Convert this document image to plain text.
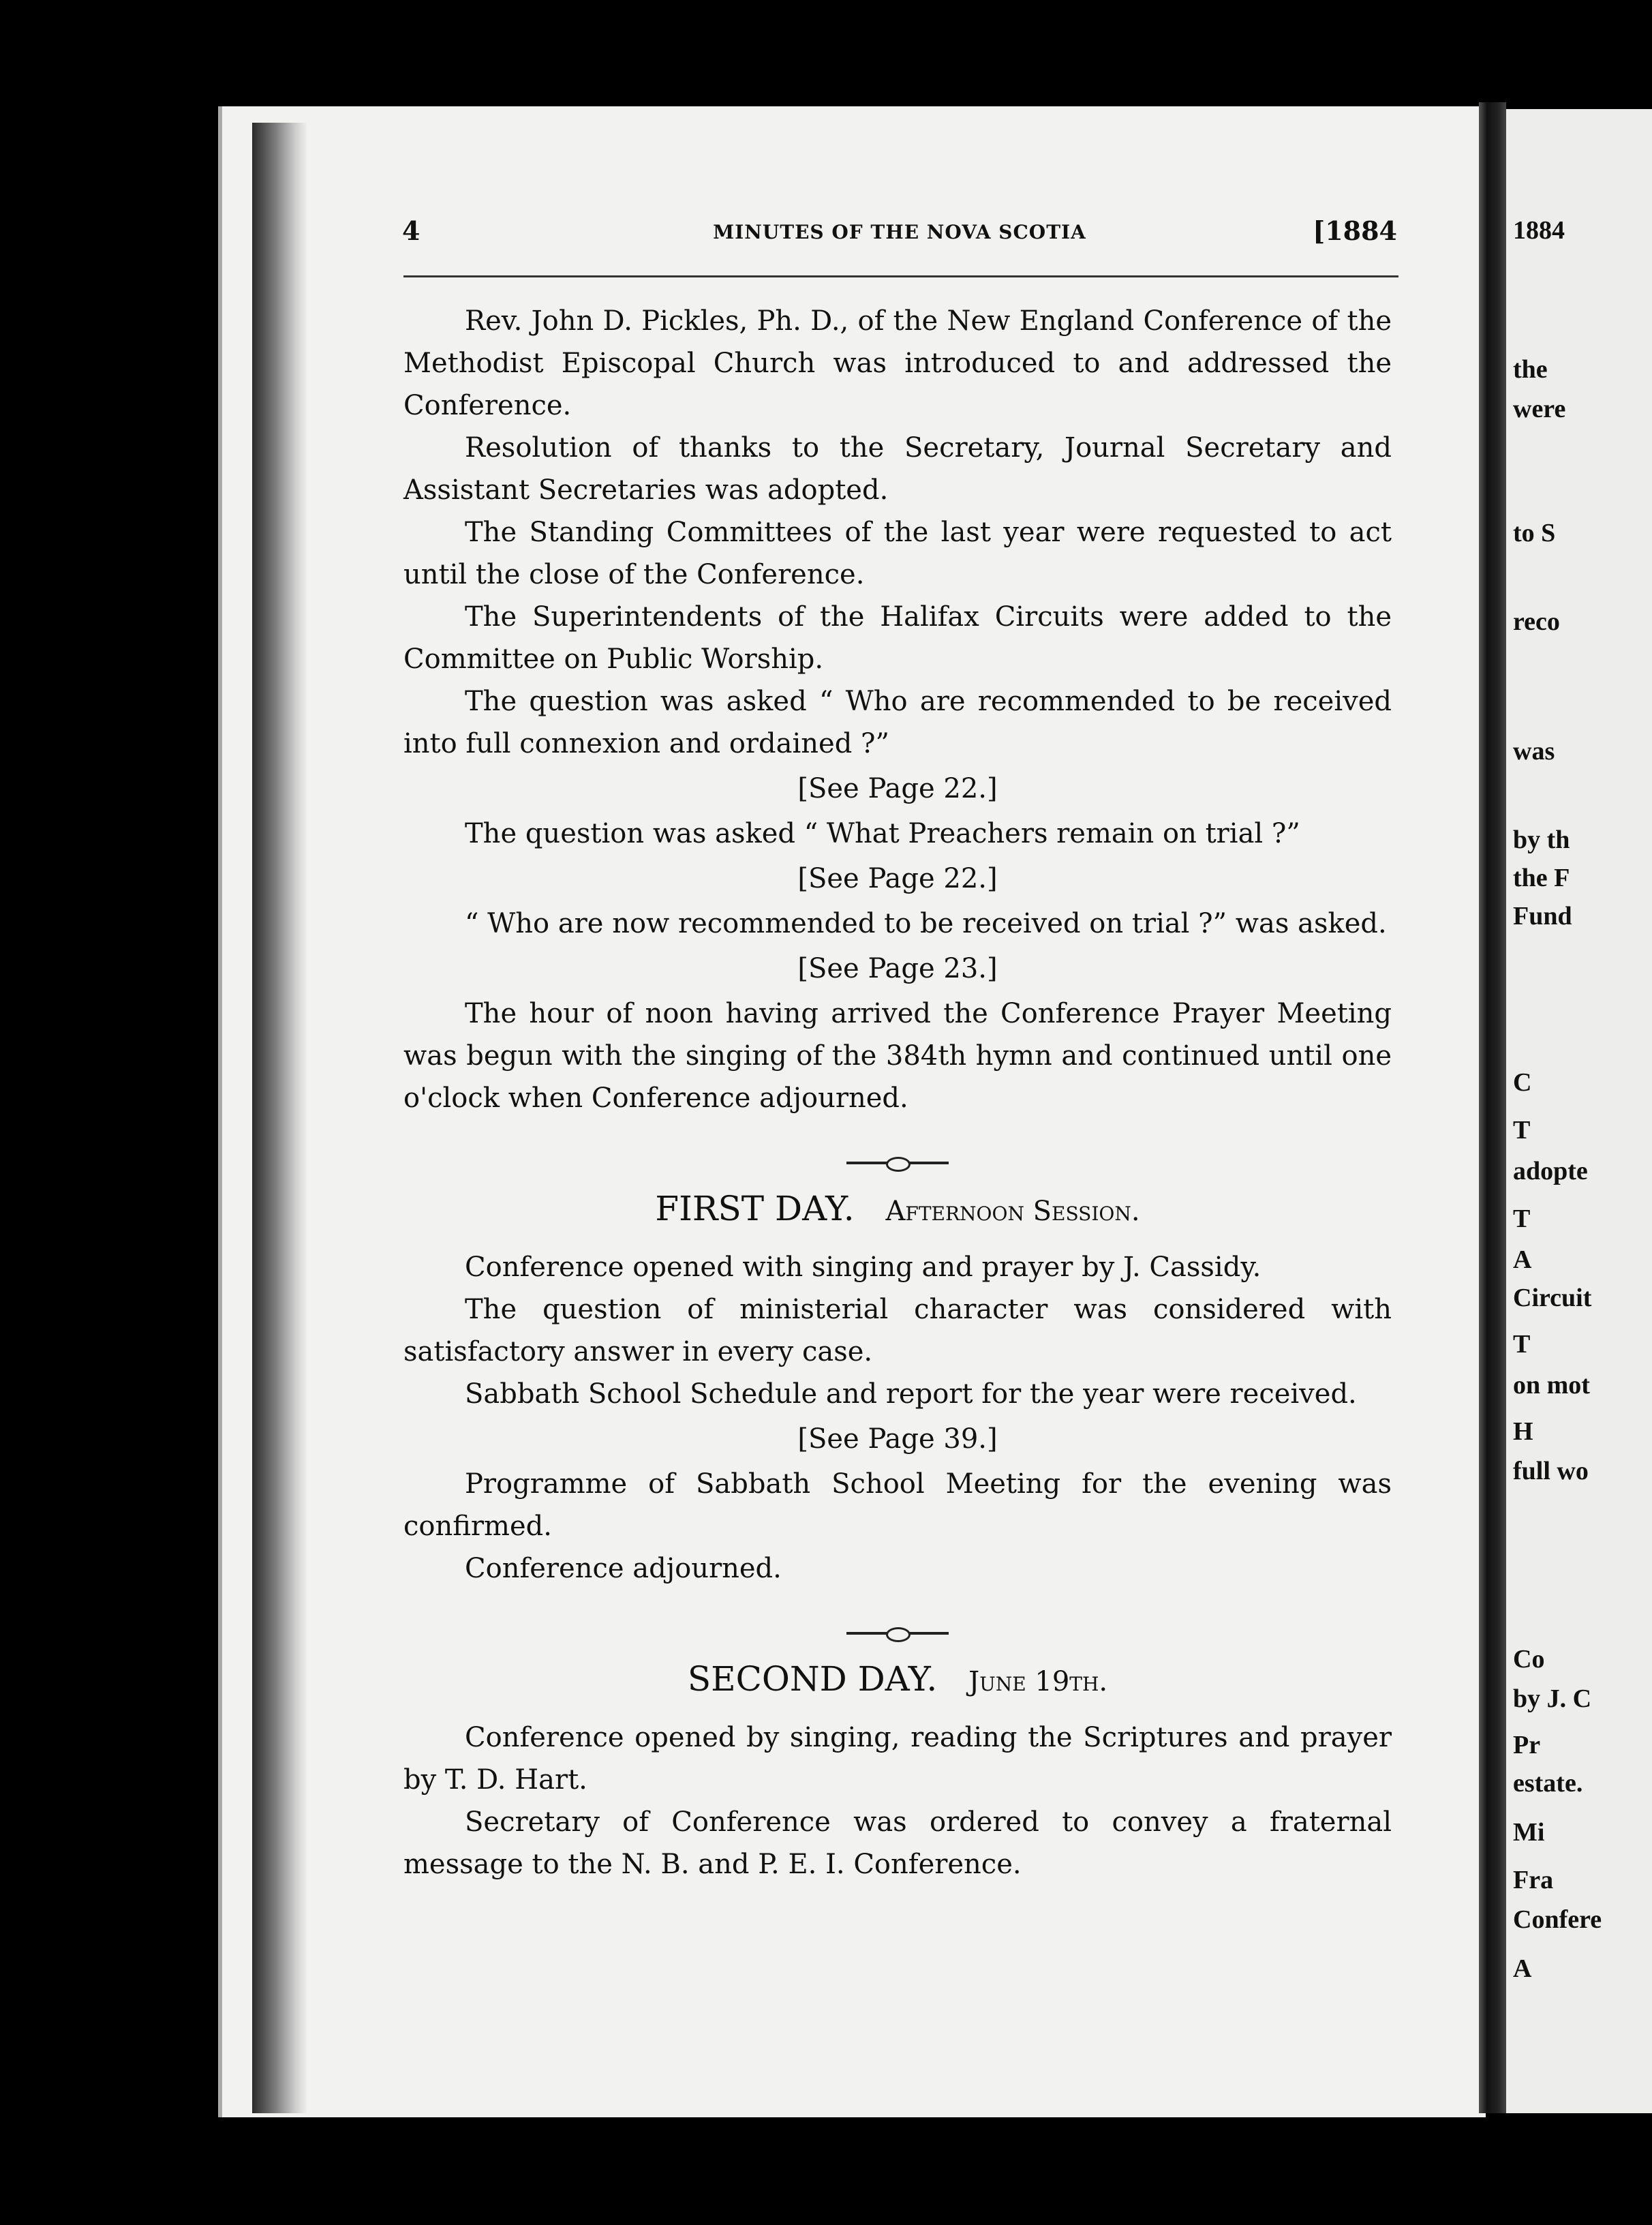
1884
the
were
to S
reco
was
by th
the F
Fund
C
T
adopte
T
A
Circuit
T
on mot
H
full wo
Co
by J. C
Pr
estate.
Mi
Fra
Confere
A
4	MINUTES OF THE NOVA SCOTIA	[1884

Rev. John D. Pickles, Ph. D., of the New England Conference of the Methodist Episcopal Church was introduced to and addressed the Conference.

Resolution of thanks to the Secretary, Journal Secretary and Assistant Secretaries was adopted.

The Standing Committees of the last year were requested to act until the close of the Conference.

The Superintendents of the Halifax Circuits were added to the Committee on Public Worship.

The question was asked “ Who are recommended to be received into full connexion and ordained ?”

[See Page 22.]

The question was asked “ What Preachers remain on trial ?”

[See Page 22.]

“ Who are now recommended to be received on trial ?” was asked.

[See Page 23.]

The hour of noon having arrived the Conference Prayer Meeting was begun with the singing of the 384th hymn and continued until one o'clock when Conference adjourned.

FIRST DAY. Afternoon Session.

Conference opened with singing and prayer by J. Cassidy.

The question of ministerial character was considered with satisfactory answer in every case.

Sabbath School Schedule and report for the year were received.

[See Page 39.]

Programme of Sabbath School Meeting for the evening was confirmed.

Conference adjourned.

SECOND DAY. June 19th.

Conference opened by singing, reading the Scriptures and prayer by T. D. Hart.

Secretary of Conference was ordered to convey a fraternal message to the N. B. and P. E. I. Conference.
